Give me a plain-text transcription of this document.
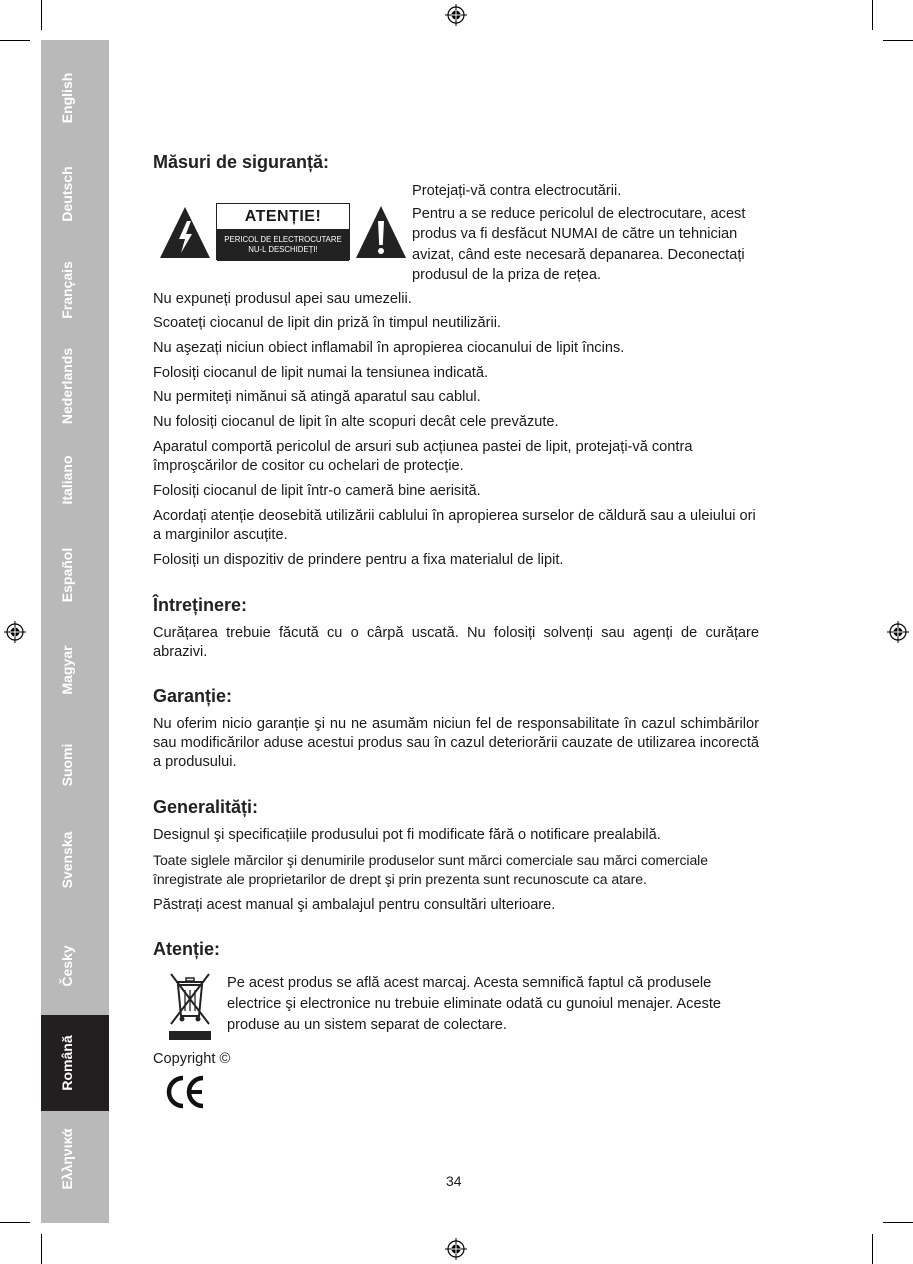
English
Deutsch
Français
Nederlands
Italiano
Español
Magyar
Suomi
Svenska
Česky
Română
Ελληνικά
Măsuri de siguranță:
ATENȚIE!
PERICOL DE ELECTROCUTARE
NU-L DESCHIDEȚI!
Protejați-vă contra electrocutării.
Pentru a se reduce pericolul de electrocutare, acest produs va fi desfăcut NUMAI de către un tehnician avizat, când este necesară depanarea. Deconectați produsul de la priza de rețea.

Nu expuneți produsul apei sau umezelii.

Scoateți ciocanul de lipit din priză în timpul neutilizării.

Nu aşezați niciun obiect inflamabil în apropierea ciocanului de lipit încins.

Folosiți ciocanul de lipit numai la tensiunea indicată.

Nu permiteți nimănui să atingă aparatul sau cablul.

Nu folosiți ciocanul de lipit în alte scopuri decât cele prevăzute.

Aparatul comportă pericolul de arsuri sub acțiunea pastei de lipit, protejați-vă contra împroşcărilor de cositor cu ochelari de protecție.

Folosiți ciocanul de lipit într-o cameră bine aerisită.

Acordați atenție deosebită utilizării cablului în apropierea surselor de căldură sau a uleiului ori a marginilor ascuțite.

Folosiți un dispozitiv de prindere pentru a fixa materialul de lipit.

Întreținere:

Curățarea trebuie făcută cu o cârpă uscată. Nu folosiți solvenți sau agenți de curățare abrazivi.

Garanție:

Nu oferim nicio garanție şi nu ne asumăm niciun fel de responsabilitate în cazul schimbărilor sau modificărilor aduse acestui produs sau în cazul deteriorării cauzate de utilizarea incorectă a produsului.

Generalități:

Designul şi specificațiile produsului pot fi modificate fără o notificare prealabilă.

Toate siglele mărcilor şi denumirile produselor sunt mărci comerciale sau mărci comerciale înregistrate ale proprietarilor de drept şi prin prezenta sunt recunoscute ca atare.

Păstrați acest manual şi ambalajul pentru consultări ulterioare.

Atenție:
Pe acest produs se află acest marcaj. Acesta semnifică faptul că produsele electrice şi electronice nu trebuie eliminate odată cu gunoiul menajer. Aceste produse au un sistem separat de colectare.

Copyright ©

34
